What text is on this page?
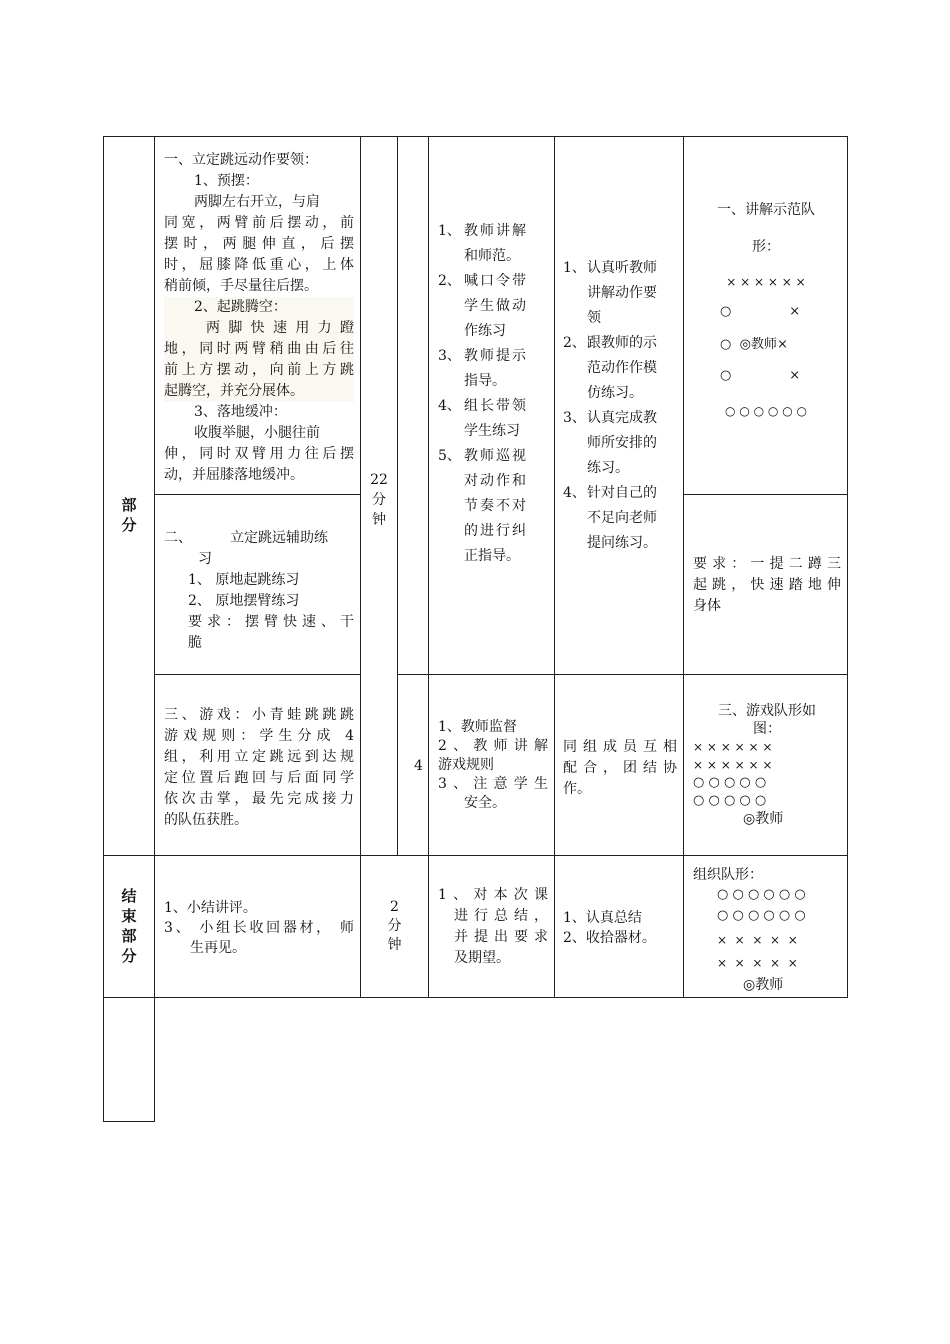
部

分

一、立定跳远动作要领：

1、预摆：

两脚左右开立，与肩

同宽，两臂前后摆动，前

摆时，两腿伸直，后摆

时，屈膝降低重心，上体

稍前倾，手尽量往后摆。

2、起跳腾空：

两脚快速用力蹬

地，同时两臂稍曲由后往

前上方摆动，向前上方跳

起腾空，并充分展体。

3、落地缓冲：

收腹举腿，小腿往前

伸，同时双臂用力往后摆

动，并屈膝落地缓冲。

二、	立定跳远辅助练

习

1、 原地起跳练习

2、 原地摆臂练习

要求：摆臂快速、干

脆

三、游戏：小青蛙跳跳跳

游戏规则：学生分成 4

组，利用立定跳远到达规

定位置后跑回与后面同学

依次击掌，最先完成接力

的队伍获胜。

22

分

钟

4

1、 教师讲解

和师范。

2、 喊口令带

学生做动

作练习

3、 教师提示

指导。

4、 组长带领

学生练习

5、 教师巡视

对动作和

节奏不对

的进行纠

正指导。

1、教师监督

2、教师讲解

游戏规则

3、注意学生

安全。

1、认真听教师

讲解动作要

领

2、跟教师的示

范动作作模

仿练习。

3、认真完成教

师所安排的

练习。

4、针对自己的

不足向老师

提问练习。

同组成员互相

配合，团结协

作。

一、讲解示范队

形：

× × × × × ×

○              ×

○  ◎教师×

○              ×

○ ○ ○ ○ ○ ○

要求：一提二蹲三

起跳，快速踏地伸

身体

三、游戏队形如

图：

× × × × × ×

× × × × × ×

○ ○ ○ ○ ○

○ ○ ○ ○ ○

◎教师

结

束

部

分

1、小结讲评。

3、 小组长收回器材， 师

生再见。

2

分

钟

1、对本次课

进行总结，

并提出要求

及期望。

1、认真总结

2、收拾器材。

组织队形：

○ ○ ○ ○ ○ ○

○ ○ ○ ○ ○ ○

×  ×  ×  ×  ×

×  ×  ×  ×  ×

◎教师
